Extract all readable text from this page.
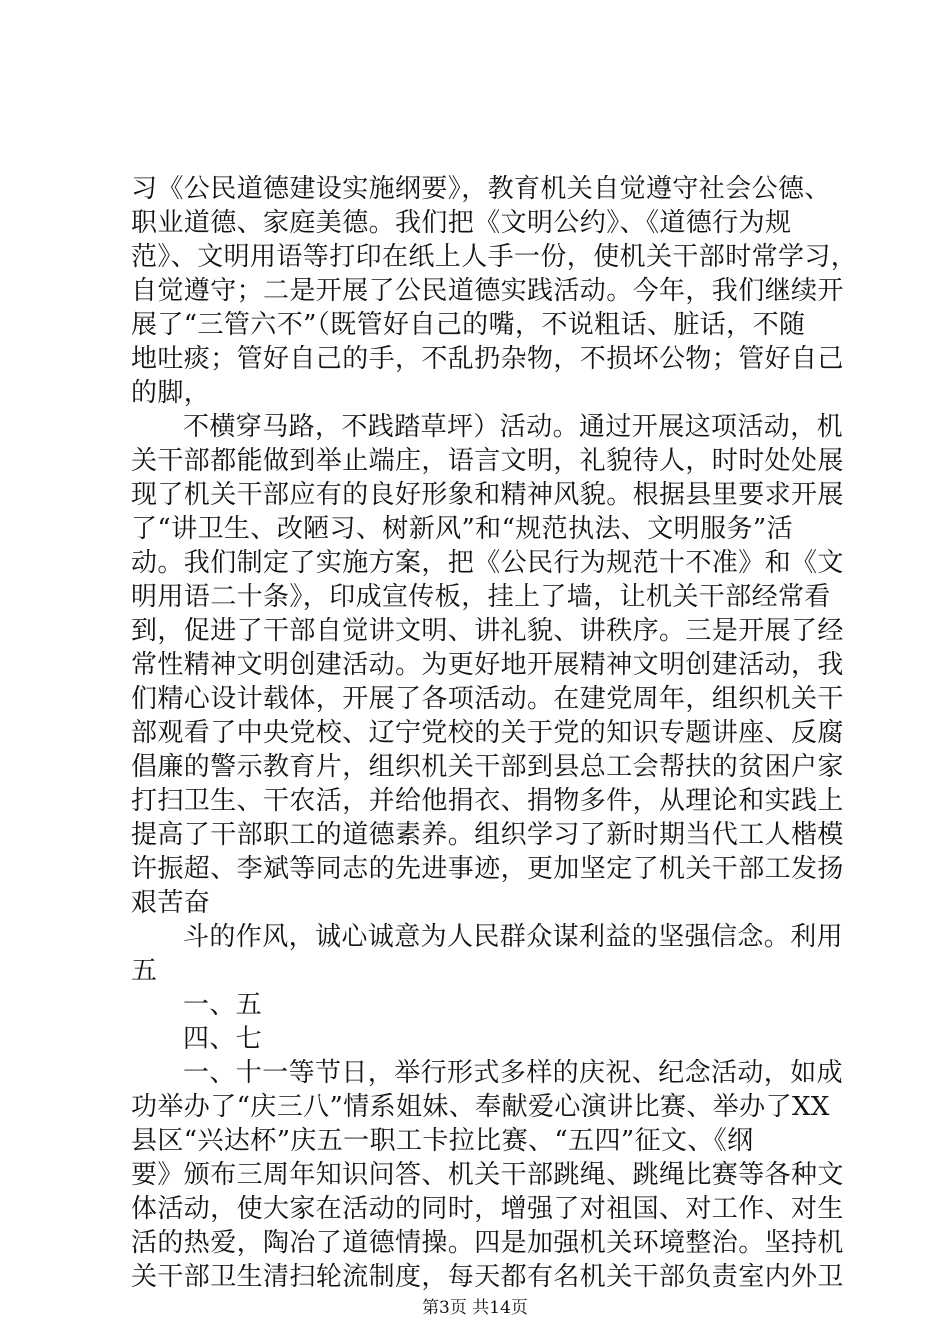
习《公民道德建设实施纲要》，教育机关自觉遵守社会公德、
职业道德、家庭美德。我们把《文明公约》、《道德行为规
范》、文明用语等打印在纸上人手一份，使机关干部时常学习，
自觉遵守；二是开展了公民道德实践活动。今年，我们继续开
展了“三管六不”（既管好自己的嘴，不说粗话、脏话，不随
地吐痰；管好自己的手，不乱扔杂物，不损坏公物；管好自己
的脚，
不横穿马路，不践踏草坪）活动。通过开展这项活动，机
关干部都能做到举止端庄，语言文明，礼貌待人，时时处处展
现了机关干部应有的良好形象和精神风貌。根据县里要求开展
了“讲卫生、改陋习、树新风”和“规范执法、文明服务”活
动。我们制定了实施方案，把《公民行为规范十不准》和《文
明用语二十条》，印成宣传板，挂上了墙，让机关干部经常看
到，促进了干部自觉讲文明、讲礼貌、讲秩序。三是开展了经
常性精神文明创建活动。为更好地开展精神文明创建活动，我
们精心设计载体，开展了各项活动。在建党周年，组织机关干
部观看了中央党校、辽宁党校的关于党的知识专题讲座、反腐
倡廉的警示教育片，组织机关干部到县总工会帮扶的贫困户家
打扫卫生、干农活，并给他捐衣、捐物多件，从理论和实践上
提高了干部职工的道德素养。组织学习了新时期当代工人楷模
许振超、李斌等同志的先进事迹，更加坚定了机关干部工发扬
艰苦奋
斗的作风，诚心诚意为人民群众谋利益的坚强信念。利用
五
一、五
四、七
一、十一等节日，举行形式多样的庆祝、纪念活动，如成
功举办了“庆三八”情系姐妹、奉献爱心演讲比赛、举办了XX
县区“兴达杯”庆五一职工卡拉比赛、“五四”征文、《纲
要》颁布三周年知识问答、机关干部跳绳、跳绳比赛等各种文
体活动，使大家在活动的同时，增强了对祖国、对工作、对生
活的热爱，陶冶了道德情操。四是加强机关环境整治。坚持机
关干部卫生清扫轮流制度，每天都有名机关干部负责室内外卫
第3页 共14页
